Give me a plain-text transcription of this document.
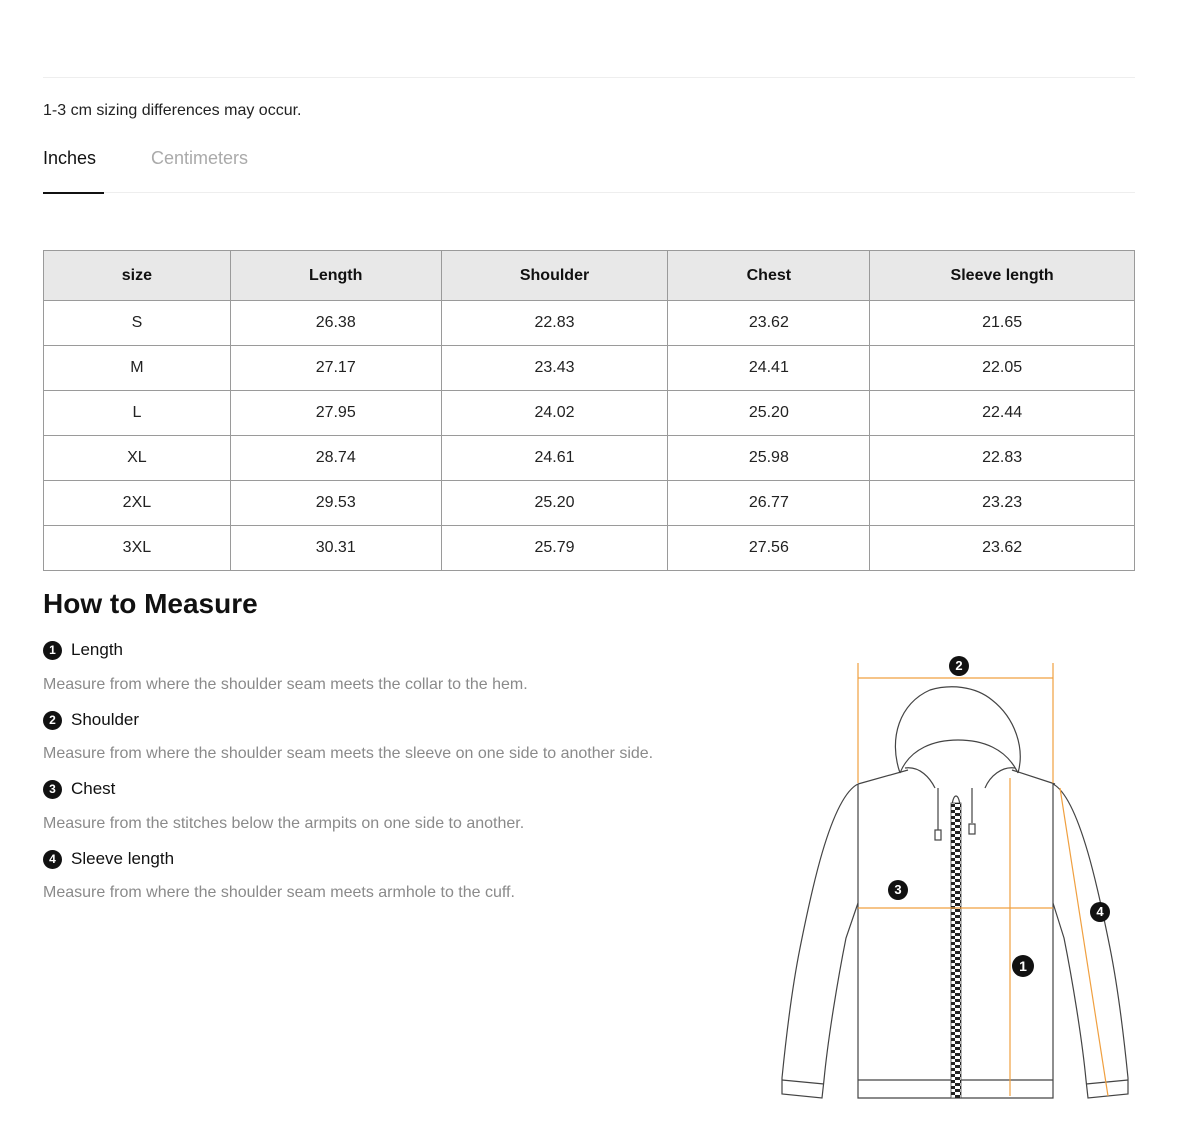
1-3 cm sizing differences may occur.
Inches	Centimeters
size	Length	Shoulder	Chest	Sleeve length
S	26.38	22.83	23.62	21.65
M	27.17	23.43	24.41	22.05
L	27.95	24.02	25.20	22.44
XL	28.74	24.61	25.98	22.83
2XL	29.53	25.20	26.77	23.23
3XL	30.31	25.79	27.56	23.62
How to Measure
1 Length
Measure from where the shoulder seam meets the collar to the hem.
2 Shoulder
Measure from where the shoulder seam meets the sleeve on one side to another side.
3 Chest
Measure from the stitches below the armpits on one side to another.
4 Sleeve length
Measure from where the shoulder seam meets armhole to the cuff.
2
3
1
4
